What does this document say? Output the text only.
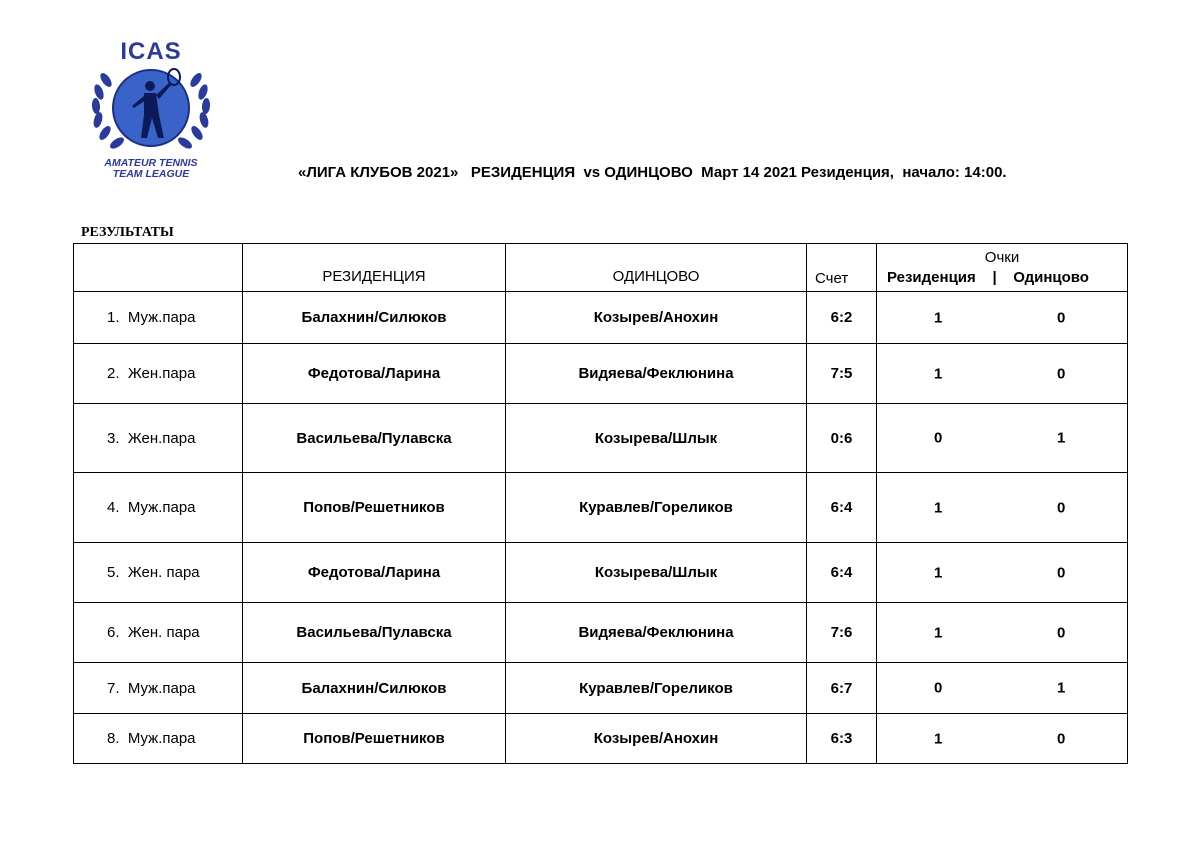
ICAS
AMATEUR TENNIS
TEAM LEAGUE	«ЛИГА КЛУБОВ 2021»   РЕЗИДЕНЦИЯ  vs ОДИНЦОВО  Март 14 2021 Резиденция,  начало: 14:00.
РЕЗУЛЬТАТЫ
	РЕЗИДЕНЦИЯ	ОДИНЦОВО	Счет	Очки
Резиденция    |    Одинцово

1.  Муж.пара	Балахнин/Силюков	Козырев/Анохин	6:2	1 0

2.  Жен.пара	Федотова/Ларина	Видяева/Феклюнина	7:5	1 0

3.  Жен.пара	Васильева/Пулавска	Козырева/Шлык	0:6	0 1

4.  Муж.пара	Попов/Решетников	Куравлев/Гореликов	6:4	1 0

5.  Жен. пара	Федотова/Ларина	Козырева/Шлык	6:4	1 0

6.  Жен. пара	Васильева/Пулавска	Видяева/Феклюнина	7:6	1 0

7.  Муж.пара	Балахнин/Силюков	Куравлев/Гореликов	6:7	0 1

8.  Муж.пара	Попов/Решетников	Козырев/Анохин	6:3	1 0
